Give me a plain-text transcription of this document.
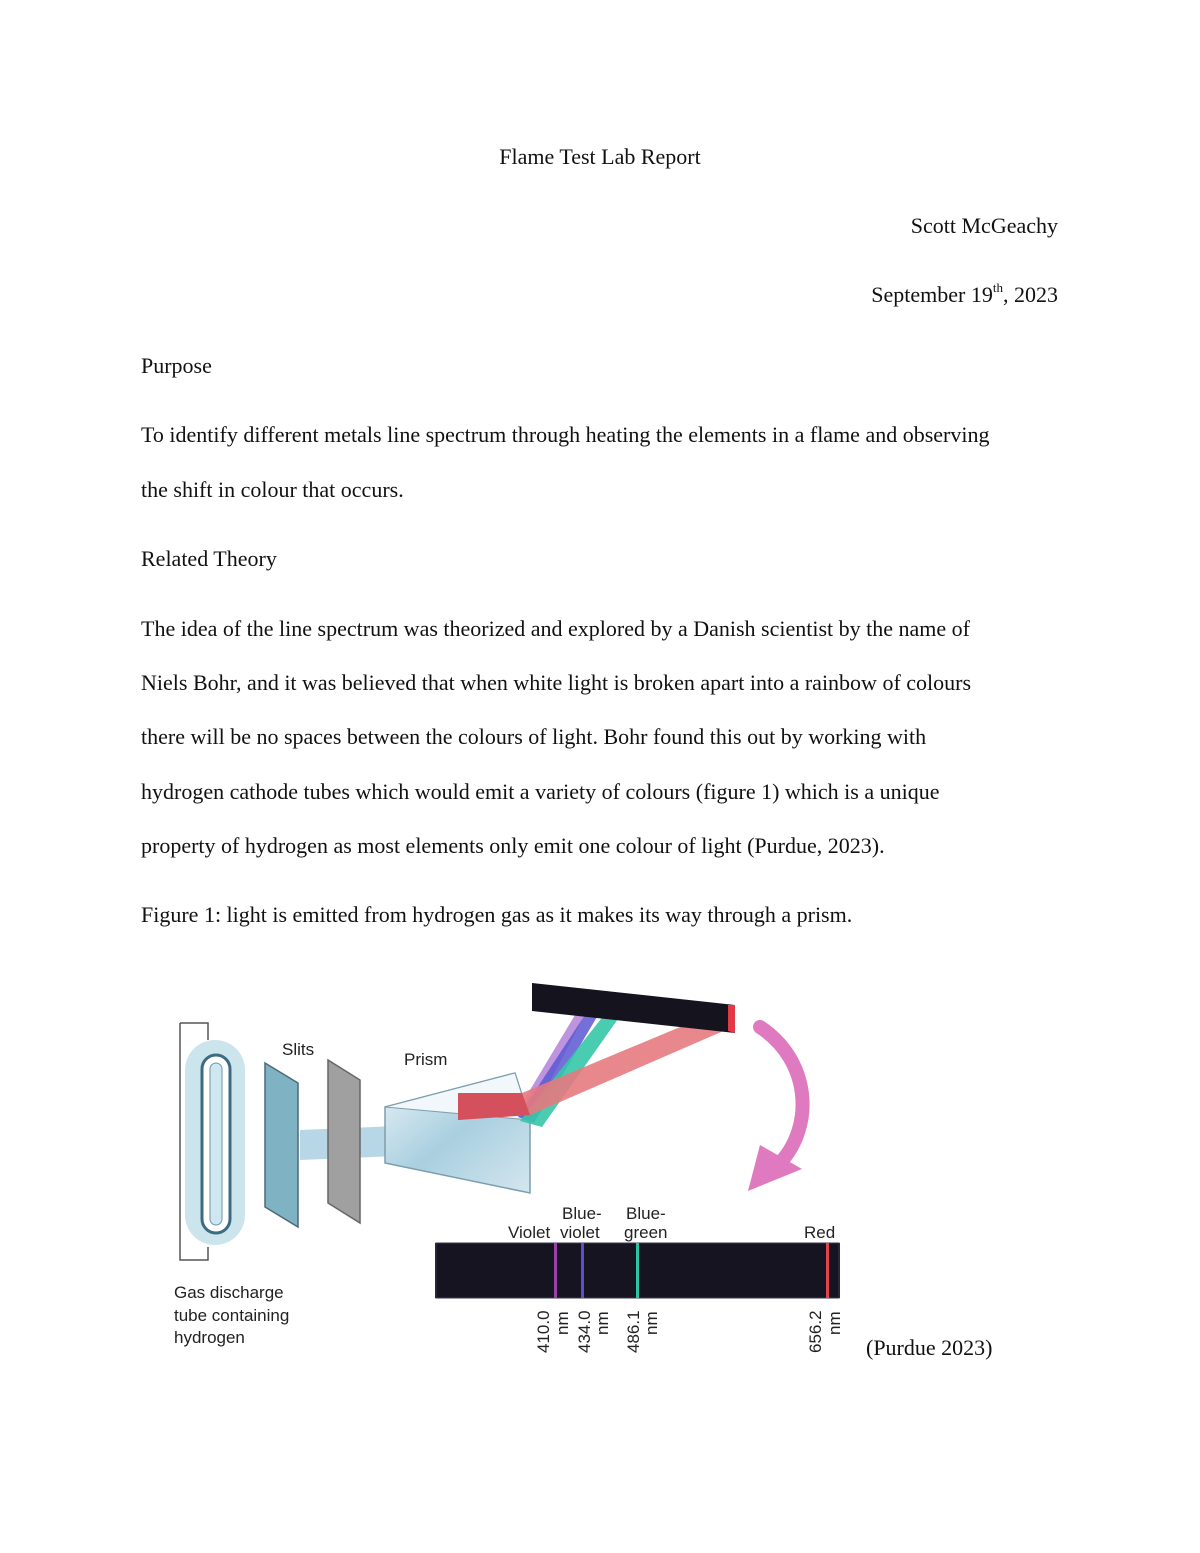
Flame Test Lab Report
Scott McGeachy
September 19th, 2023
Purpose
To identify different metals line spectrum through heating the elements in a flame and observing
the shift in colour that occurs.
Related Theory
The idea of the line spectrum was theorized and explored by a Danish scientist by the name of
Niels Bohr, and it was believed that when white light is broken apart into a rainbow of colours
there will be no spaces between the colours of light. Bohr found this out by working with
hydrogen cathode tubes which would emit a variety of colours (figure 1) which is a unique
property of hydrogen as most elements only emit one colour of light (Purdue, 2023).
Figure 1: light is emitted from hydrogen gas as it makes its way through a prism.
Slits
Prism
Gas discharge
tube containing
hydrogen
Violet
Blue-
violet
Blue-
green	Red
410.0 nm 434.0 nm 486.1 nm	656.2 nm
(Purdue 2023)
